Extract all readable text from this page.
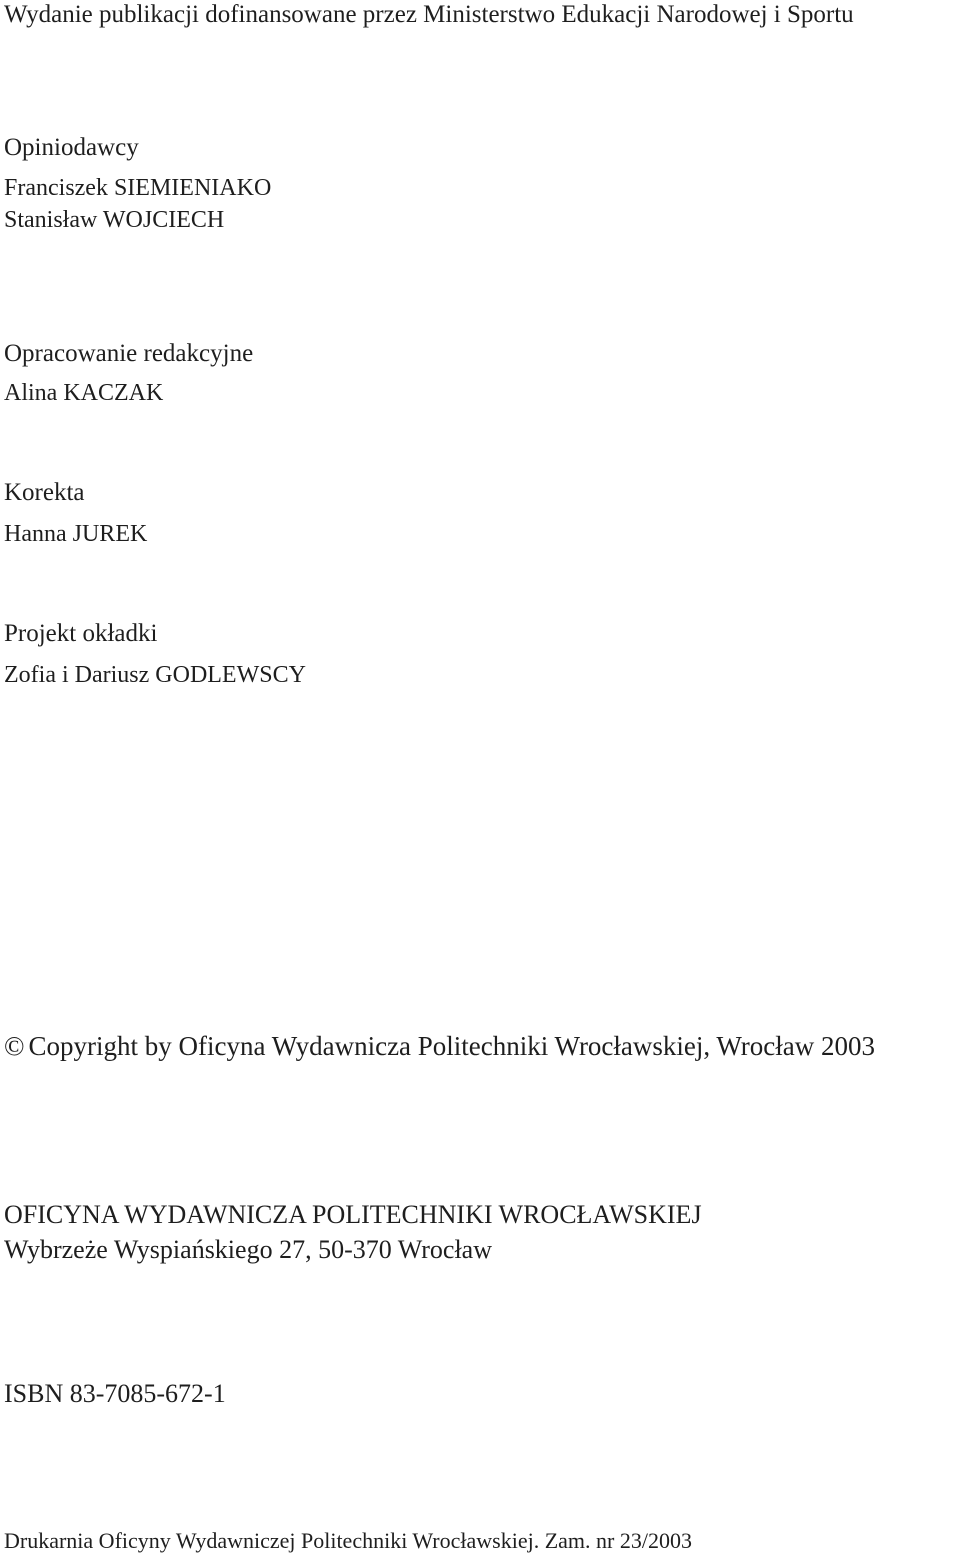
Wydanie publikacji dofinansowane przez Ministerstwo Edukacji Narodowej i Sportu

Opiniodawcy

Franciszek SIEMIENIAKO

Stanisław WOJCIECH

Opracowanie redakcyjne

Alina KACZAK

Korekta

Hanna JUREK

Projekt okładki

Zofia i Dariusz GODLEWSCY

© Copyright by Oficyna Wydawnicza Politechniki Wrocławskiej, Wrocław 2003

OFICYNA WYDAWNICZA POLITECHNIKI WROCŁAWSKIEJ

Wybrzeże Wyspiańskiego 27, 50-370 Wrocław

ISBN 83-7085-672-1

Drukarnia Oficyny Wydawniczej Politechniki Wrocławskiej. Zam. nr 23/2003
